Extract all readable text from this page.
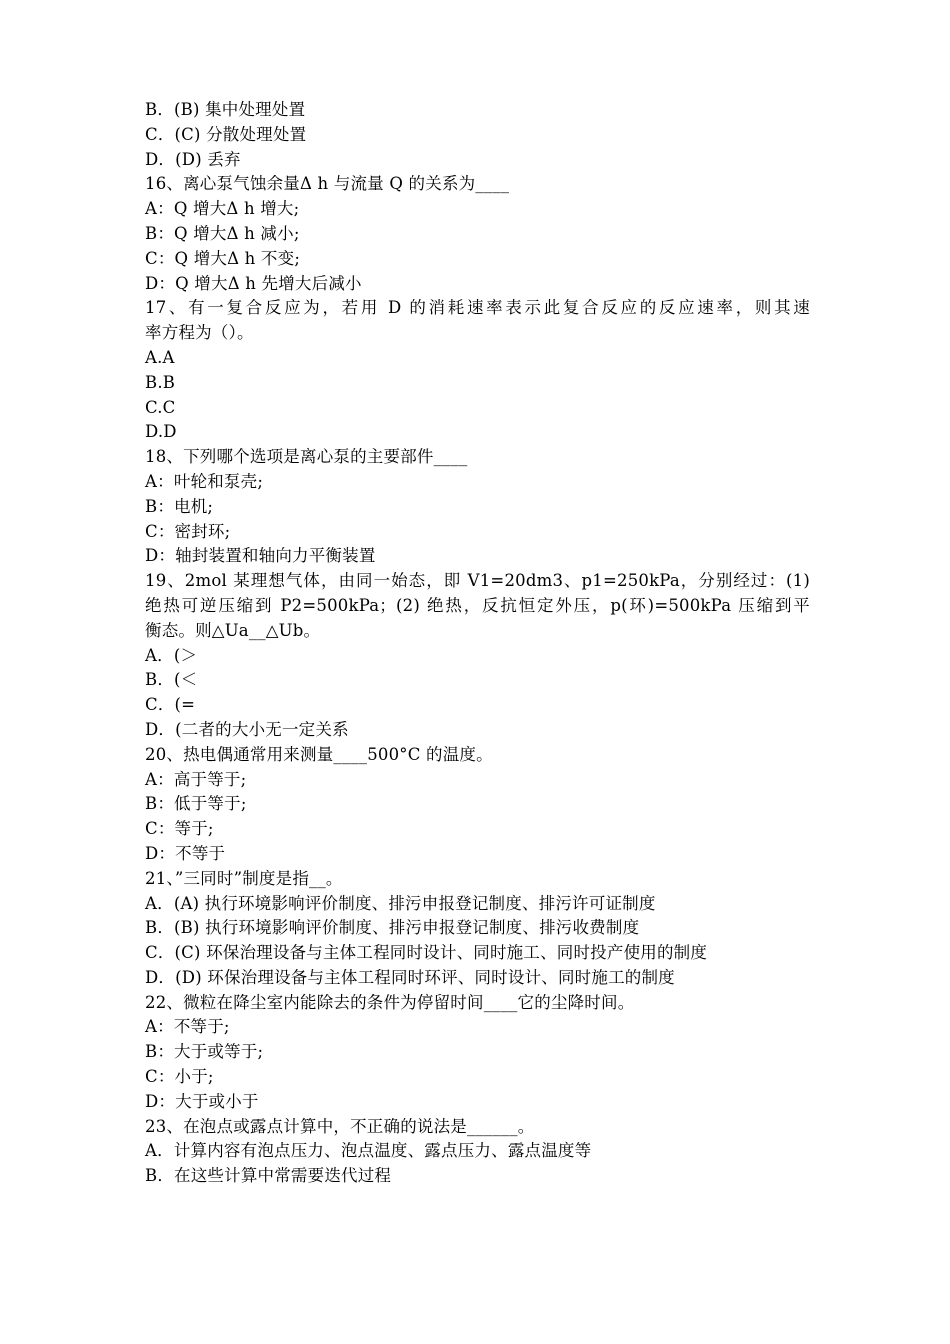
B．(B) 集中处理处置
C．(C) 分散处理处置
D．(D) 丢弃
16、离心泵气蚀余量Δ h 与流量 Q 的关系为____
A：Q 增大Δ h 增大;
B：Q 增大Δ h 减小;
C：Q 增大Δ h 不变;
D：Q 增大Δ h 先增大后减小
17、有一复合反应为，若用 D 的消耗速率表示此复合反应的反应速率，则其速
率方程为（）。
A.A
B.B
C.C
D.D
18、下列哪个选项是离心泵的主要部件____
A：叶轮和泵壳;
B：电机;
C：密封环;
D：轴封装置和轴向力平衡装置
19、2mol 某理想气体，由同一始态，即 V1=20dm3、p1=250kPa，分别经过：(1)
绝热可逆压缩到 P2=500kPa；(2) 绝热，反抗恒定外压，p(环)=500kPa 压缩到平
衡态。则△Ua__△Ub。
A．(＞
B．(＜
C．(=
D．(二者的大小无一定关系
20、热电偶通常用来测量____500°C 的温度。
A：高于等于;
B：低于等于;
C：等于;
D：不等于
21、”三同时”制度是指__。
A．(A) 执行环境影响评价制度、排污申报登记制度、排污许可证制度
B．(B) 执行环境影响评价制度、排污申报登记制度、排污收费制度
C．(C) 环保治理设备与主体工程同时设计、同时施工、同时投产使用的制度
D．(D) 环保治理设备与主体工程同时环评、同时设计、同时施工的制度
22、微粒在降尘室内能除去的条件为停留时间____它的尘降时间。
A：不等于;
B：大于或等于;
C：小于;
D：大于或小于
23、在泡点或露点计算中，不正确的说法是______。
A．计算内容有泡点压力、泡点温度、露点压力、露点温度等
B．在这些计算中常需要迭代过程
